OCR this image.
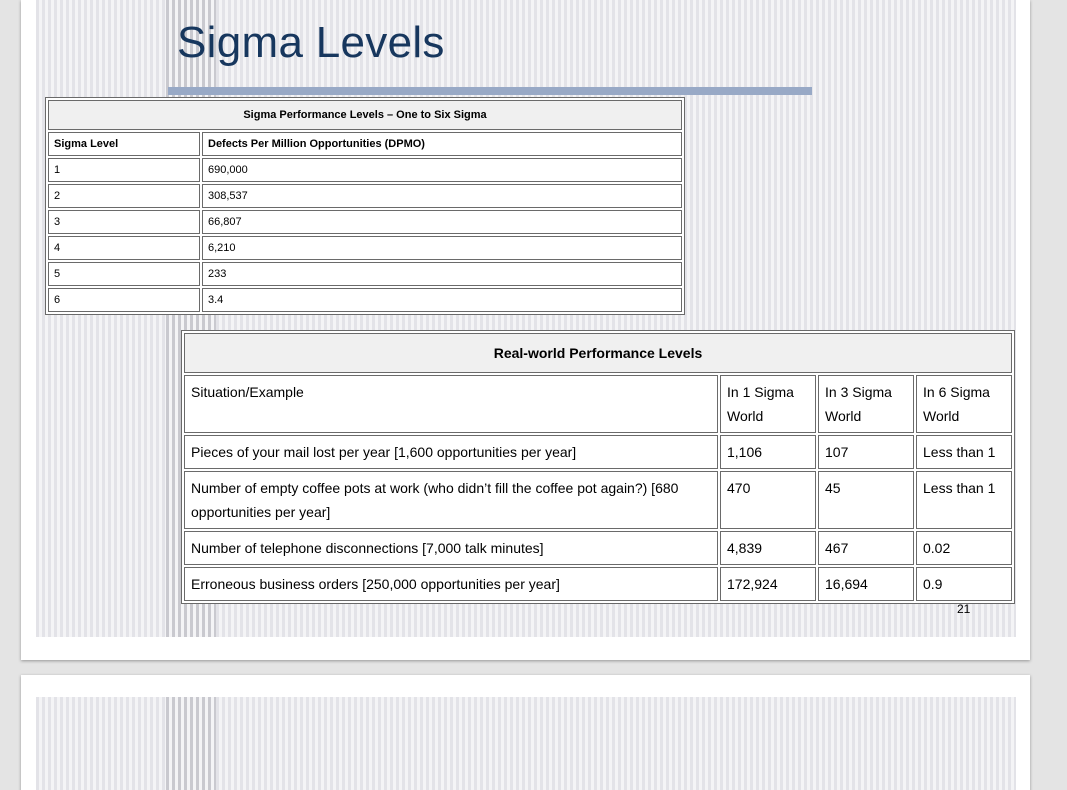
Sigma Levels
Sigma Performance Levels – One to Six Sigma	
Sigma Level	Defects Per Million Opportunities (DPMO)
1	690,000
2	308,537
3	66,807
4	6,210
5	233
6	3.4
Real-world Performance Levels			
Situation/Example	In 1 Sigma World	In 3 Sigma World	In 6 Sigma World
Pieces of your mail lost per year [1,600 opportunities per year]	1,106	107	Less than 1
Number of empty coffee pots at work (who didn’t fill the coffee pot again?) [680 opportunities per year]	470	45	Less than 1
Number of telephone disconnections [7,000 talk minutes]	4,839	467	0.02
Erroneous business orders [250,000 opportunities per year]	172,924	16,694	0.9
21
